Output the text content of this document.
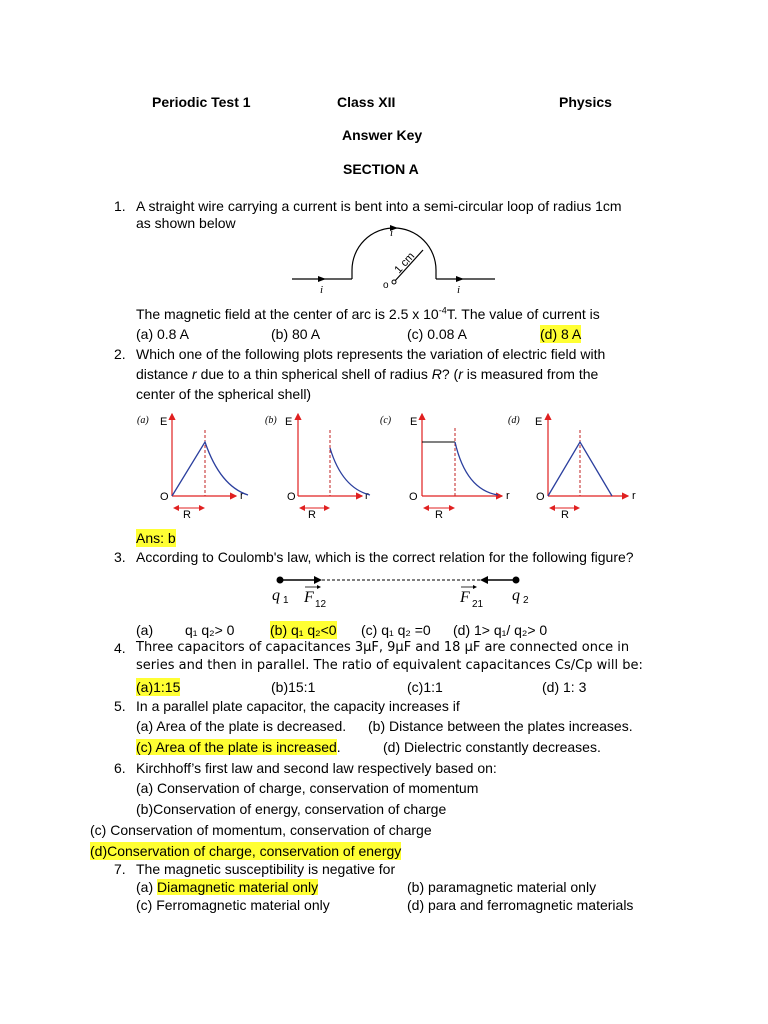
Periodic Test 1	Class XII	Physics
Answer Key
SECTION A
1. A straight wire carrying a current is bent into a semi-circular loop of radius 1cm
as shown below
i
i	i
1 cm
o
The magnetic field at the center of arc is 2.5 x $10^{-4}T$. The value of current is
(a) 0.8 A	(b) 80 A	(c) 0.08 A	(d) 8 A
2. Which one of the following plots represents the variation of electric field with
distance r due to a thin spherical shell of radius R? (r is measured from the
center of the spherical shell)
(a) E
O	r
R
(b) E
O	r
R
(c) E
O	r
R
(d) E
O	r
R
Ans: b
3. According to Coulomb's law, which is the correct relation for the following figure?
q 1 F 12	F 21
q 2
(a) q₁ q₂> 0	(b) q₁ q₂<0 (c) q₁ q₂ =0 (d) 1> q₁/ q₂> 0
4. Three capacitors of capacitances 3μF, 9μF and 18 μF are connected once in
series and then in parallel. The ratio of equivalent capacitances Cs/Cp will be:
(a)1:15	(b)15:1	(c)1:1	(d) 1: 3
5. In a parallel plate capacitor, the capacity increases if
(a) Area of the plate is decreased. (b) Distance between the plates increases.
(c) Area of the plate is increased.	(d) Dielectric constantly decreases.
6. Kirchhoff’s first law and second law respectively based on:
(a) Conservation of charge, conservation of momentum
(b)Conservation of energy, conservation of charge
(c) Conservation of momentum, conservation of charge
(d)Conservation of charge, conservation of energy
7. The magnetic susceptibility is negative for
(a) Diamagnetic material only	(b) paramagnetic material only
(c) Ferromagnetic material only	(d) para and ferromagnetic materials
